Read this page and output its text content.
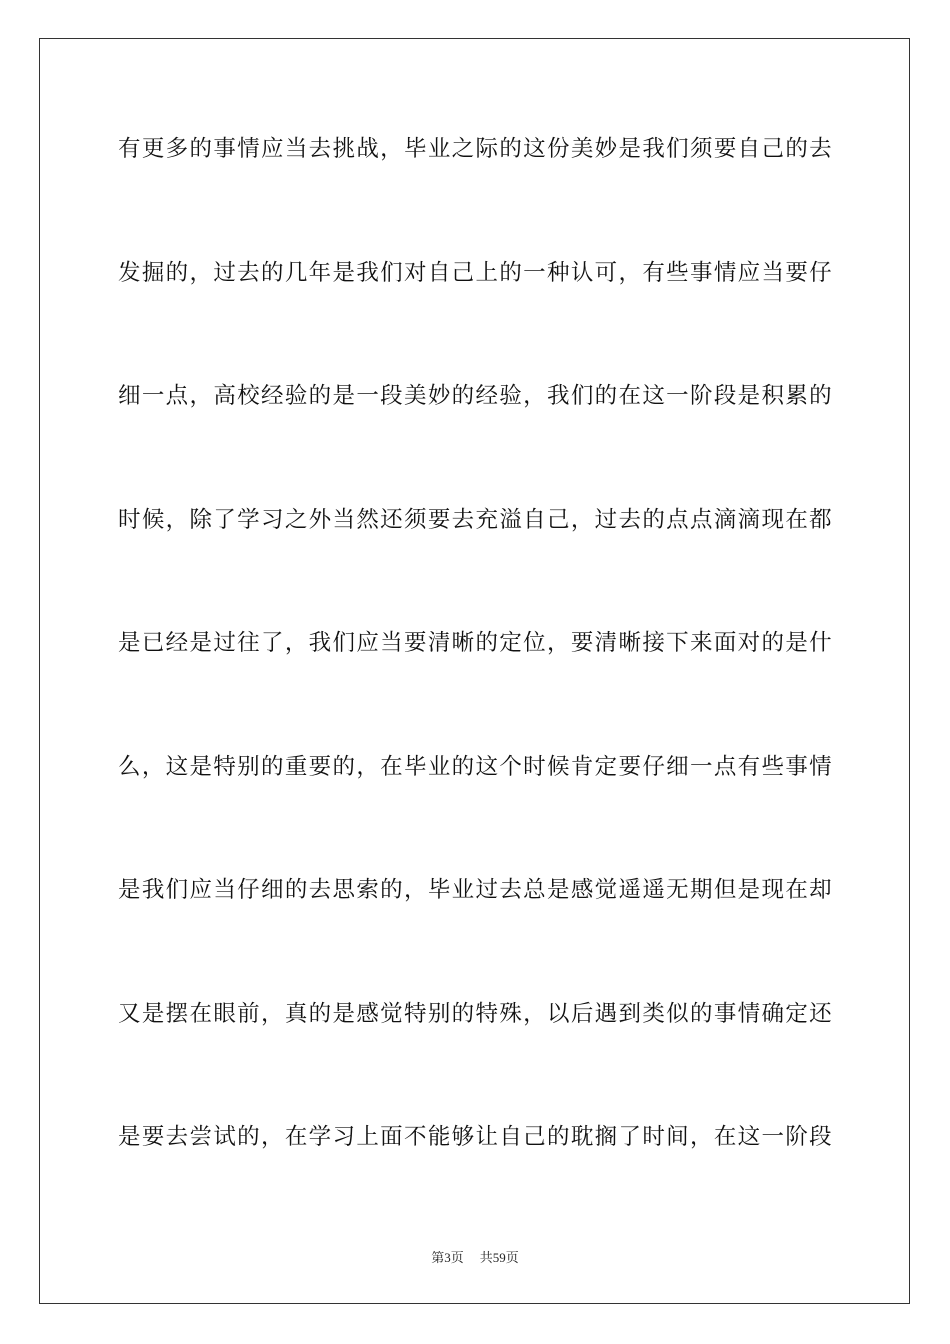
有更多的事情应当去挑战，毕业之际的这份美妙是我们须要自己的去
发掘的，过去的几年是我们对自己上的一种认可，有些事情应当要仔
细一点，高校经验的是一段美妙的经验，我们的在这一阶段是积累的
时候，除了学习之外当然还须要去充溢自己，过去的点点滴滴现在都
是已经是过往了，我们应当要清晰的定位，要清晰接下来面对的是什
么，这是特别的重要的，在毕业的这个时候肯定要仔细一点有些事情
是我们应当仔细的去思索的，毕业过去总是感觉遥遥无期但是现在却
又是摆在眼前，真的是感觉特别的特殊，以后遇到类似的事情确定还
是要去尝试的，在学习上面不能够让自己的耽搁了时间，在这一阶段
第3页 共59页
